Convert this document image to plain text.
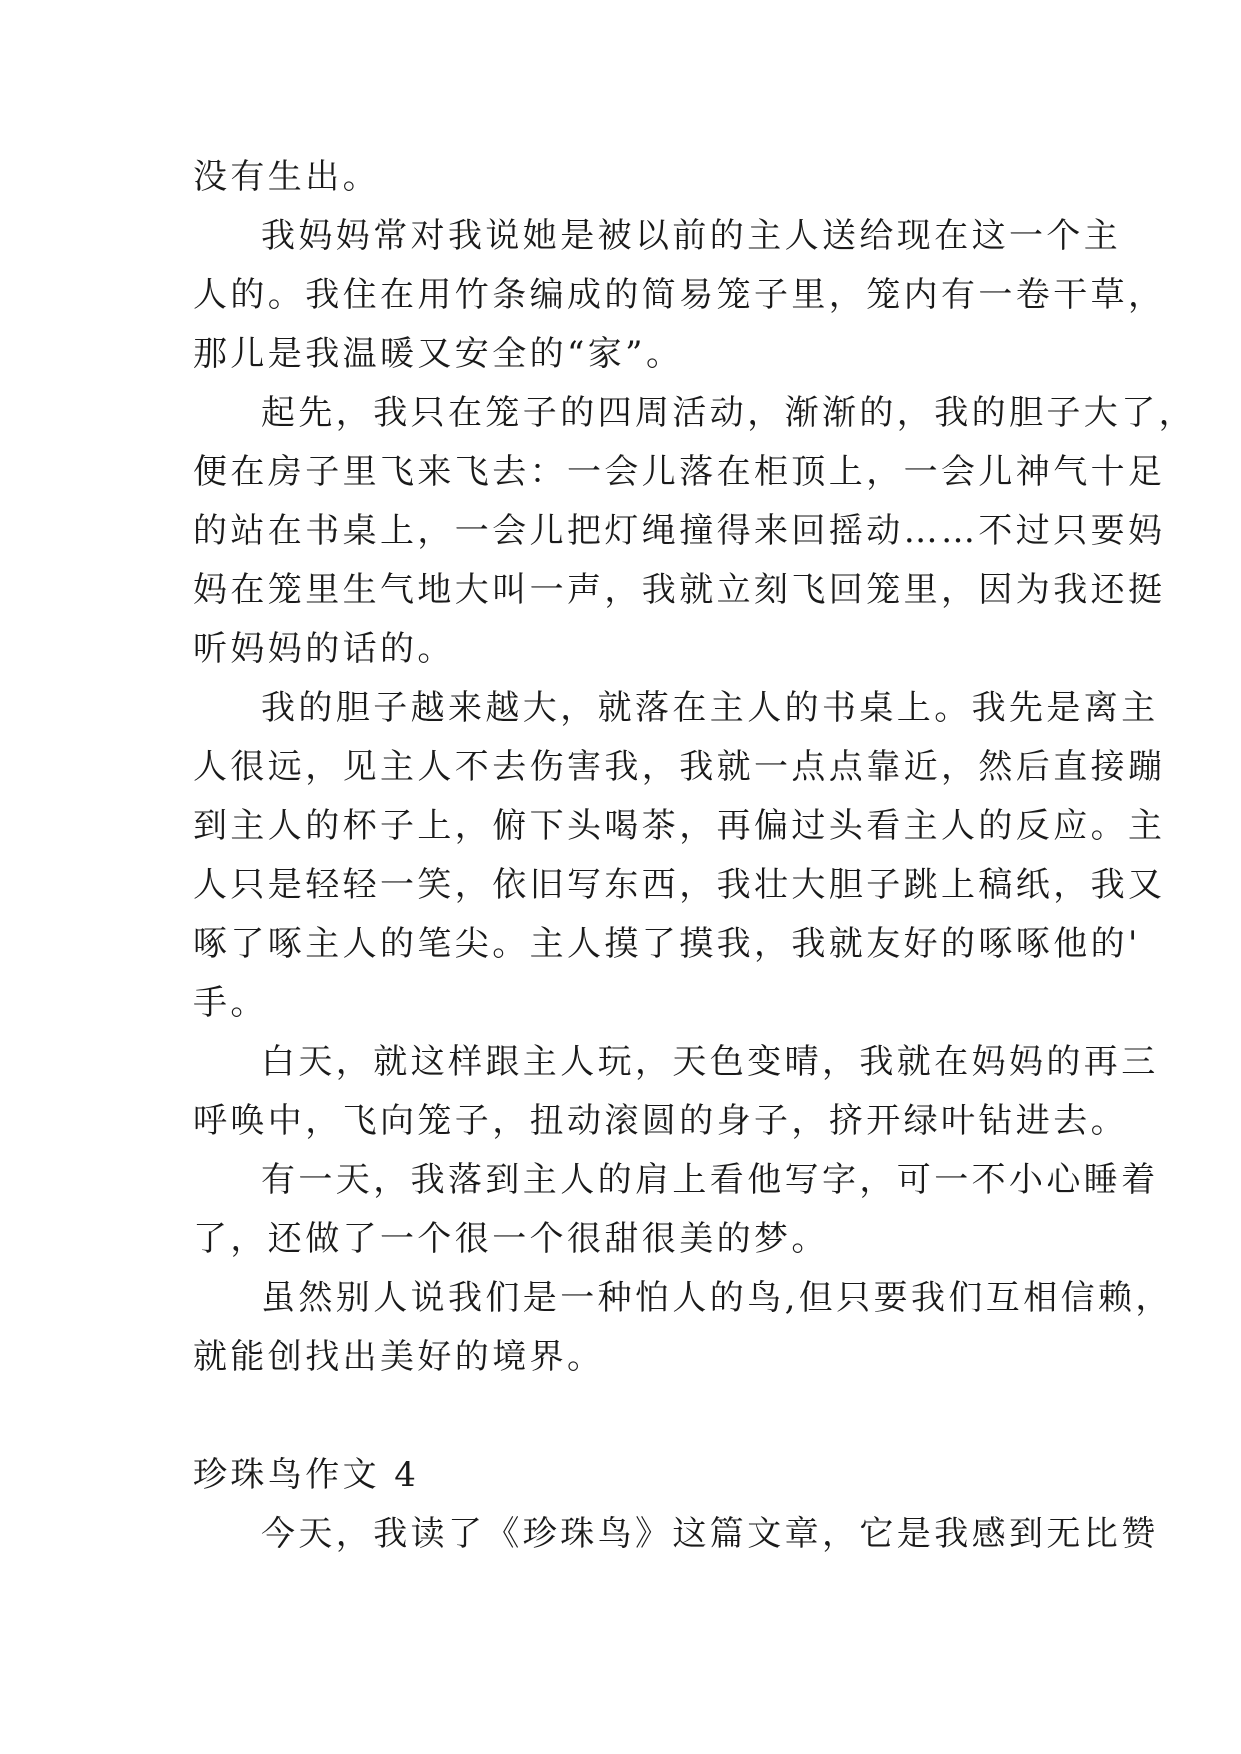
没有生出。
我妈妈常对我说她是被以前的主人送给现在这一个主
人的。我住在用竹条编成的简易笼子里，笼内有一卷干草，
那儿是我温暖又安全的“家”。
起先，我只在笼子的四周活动，渐渐的，我的胆子大了，
便在房子里飞来飞去：一会儿落在柜顶上，一会儿神气十足
的站在书桌上，一会儿把灯绳撞得来回摇动……不过只要妈
妈在笼里生气地大叫一声，我就立刻飞回笼里，因为我还挺
听妈妈的话的。
我的胆子越来越大，就落在主人的书桌上。我先是离主
人很远，见主人不去伤害我，我就一点点靠近，然后直接蹦
到主人的杯子上，俯下头喝茶，再偏过头看主人的反应。主
人只是轻轻一笑，依旧写东西，我壮大胆子跳上稿纸，我又
啄了啄主人的笔尖。主人摸了摸我，我就友好的啄啄他的'
手。
白天，就这样跟主人玩，天色变晴，我就在妈妈的再三
呼唤中，飞向笼子，扭动滚圆的身子，挤开绿叶钻进去。
有一天，我落到主人的肩上看他写字，可一不小心睡着
了，还做了一个很一个很甜很美的梦。
虽然别人说我们是一种怕人的鸟,但只要我们互相信赖，
就能创找出美好的境界。
珍珠鸟作文 4
今天，我读了《珍珠鸟》这篇文章，它是我感到无比赞
